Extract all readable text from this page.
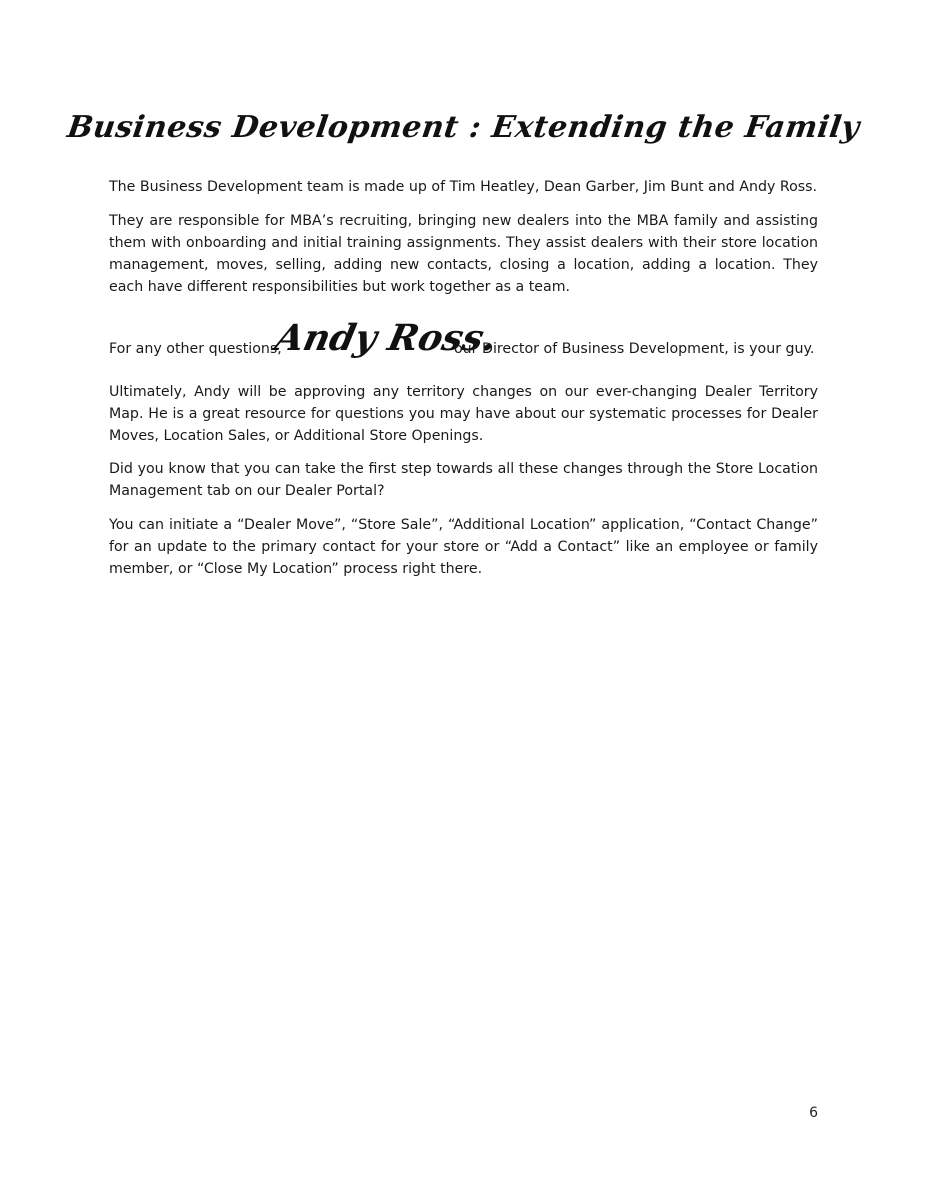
Business Development : Extending the Family

The Business Development team is made up of Tim Heatley, Dean Garber, Jim Bunt and Andy Ross.

They are responsible for MBA’s recruiting, bringing new dealers into the MBA family and assisting them with onboarding and initial training assignments. They assist dealers with their store location management, moves, selling, adding new contacts, closing a location, adding a location. They each have different responsibilities but work together as a team.

For any other questions,
Andy Ross.
our Director of Business Development, is your guy.

Ultimately, Andy will be approving any territory changes on our ever-changing Dealer Territory Map. He is a great resource for questions you may have about our systematic processes for Dealer Moves, Location Sales, or Additional Store Openings.

Did you know that you can take the first step towards all these changes through the Store Location Management tab on our Dealer Portal?

You can initiate a “Dealer Move”, “Store Sale”, “Additional Location” application, “Contact Change” for an update to the primary contact for your store or “Add a Contact” like an employee or family member, or “Close My Location” process right there.

6
